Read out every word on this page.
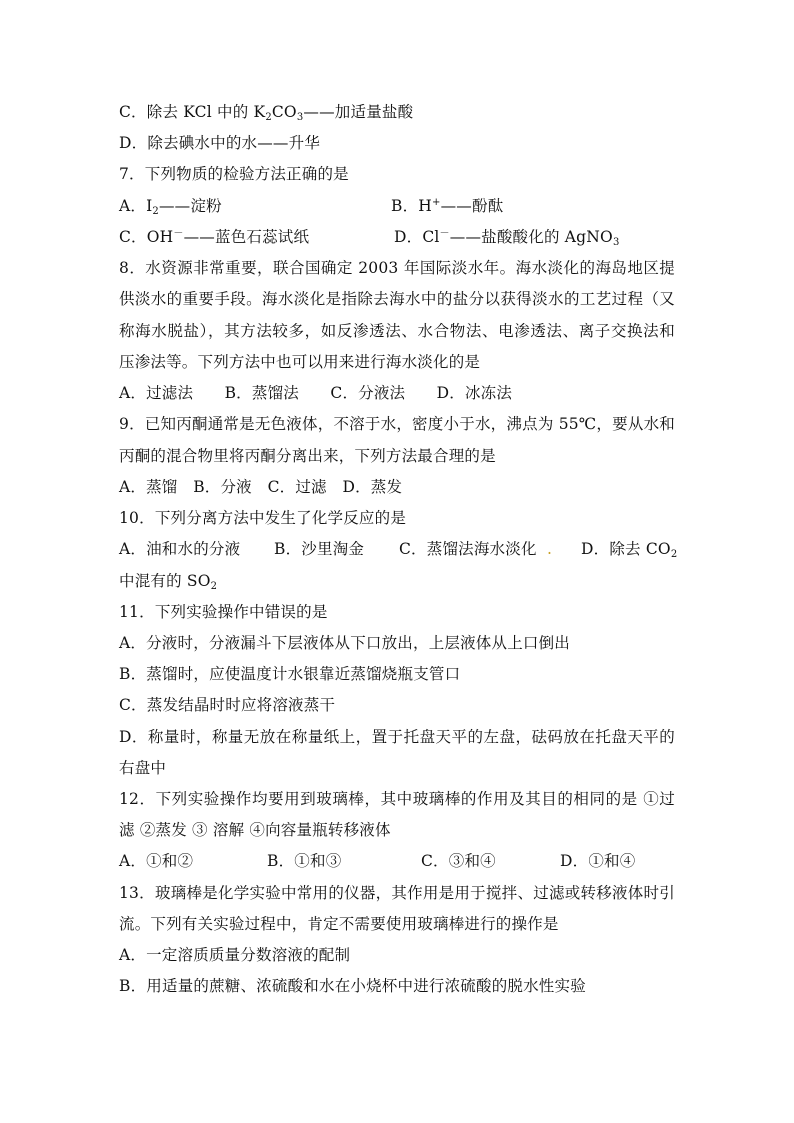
C．除去 KCl 中的 $K_2CO_3——$加适量盐酸
D．除去碘水中的水——升华
7．下列物质的检验方法正确的是
A．$I_2——$淀粉	B．H+——酚酞
C．OH－——蓝色石蕊试纸	D．Cl－——盐酸酸化的 AgNO$_3$
8．水资源非常重要，联合国确定 2003 年国际淡水年。海水淡化的海岛地区提
供淡水的重要手段。海水淡化是指除去海水中的盐分以获得淡水的工艺过程（又
称海水脱盐），其方法较多，如反渗透法、水合物法、电渗透法、离子交换法和
压渗法等。下列方法中也可以用来进行海水淡化的是
A．过滤法　　B．蒸馏法　　C．分液法　　D．冰冻法
9．已知丙酮通常是无色液体，不溶于水，密度小于水，沸点为 55℃，要从水和
丙酮的混合物里将丙酮分离出来，下列方法最合理的是
A．蒸馏　B．分液　C．过滤　D．蒸发
10．下列分离方法中发生了化学反应的是
A．油和水的分液 B．沙里淘金 C．蒸馏法海水淡化 . D．除去 $CO_2$
中混有的 $SO_2$
11．下列实验操作中错误的是
A．分液时，分液漏斗下层液体从下口放出，上层液体从上口倒出
B．蒸馏时，应使温度计水银靠近蒸馏烧瓶支管口
C．蒸发结晶时时应将溶液蒸干
D．称量时，称量无放在称量纸上，置于托盘天平的左盘，砝码放在托盘天平的
右盘中
12．下列实验操作均要用到玻璃棒，其中玻璃棒的作用及其目的相同的是 ①过
滤 ②蒸发 ③ 溶解 ④向容量瓶转移液体
A．①和②	B．①和③	C．③和④	D．①和④
13．玻璃棒是化学实验中常用的仪器，其作用是用于搅拌、过滤或转移液体时引
流。下列有关实验过程中，肯定不需要使用玻璃棒进行的操作是
A．一定溶质质量分数溶液的配制
B．用适量的蔗糖、浓硫酸和水在小烧杯中进行浓硫酸的脱水性实验
